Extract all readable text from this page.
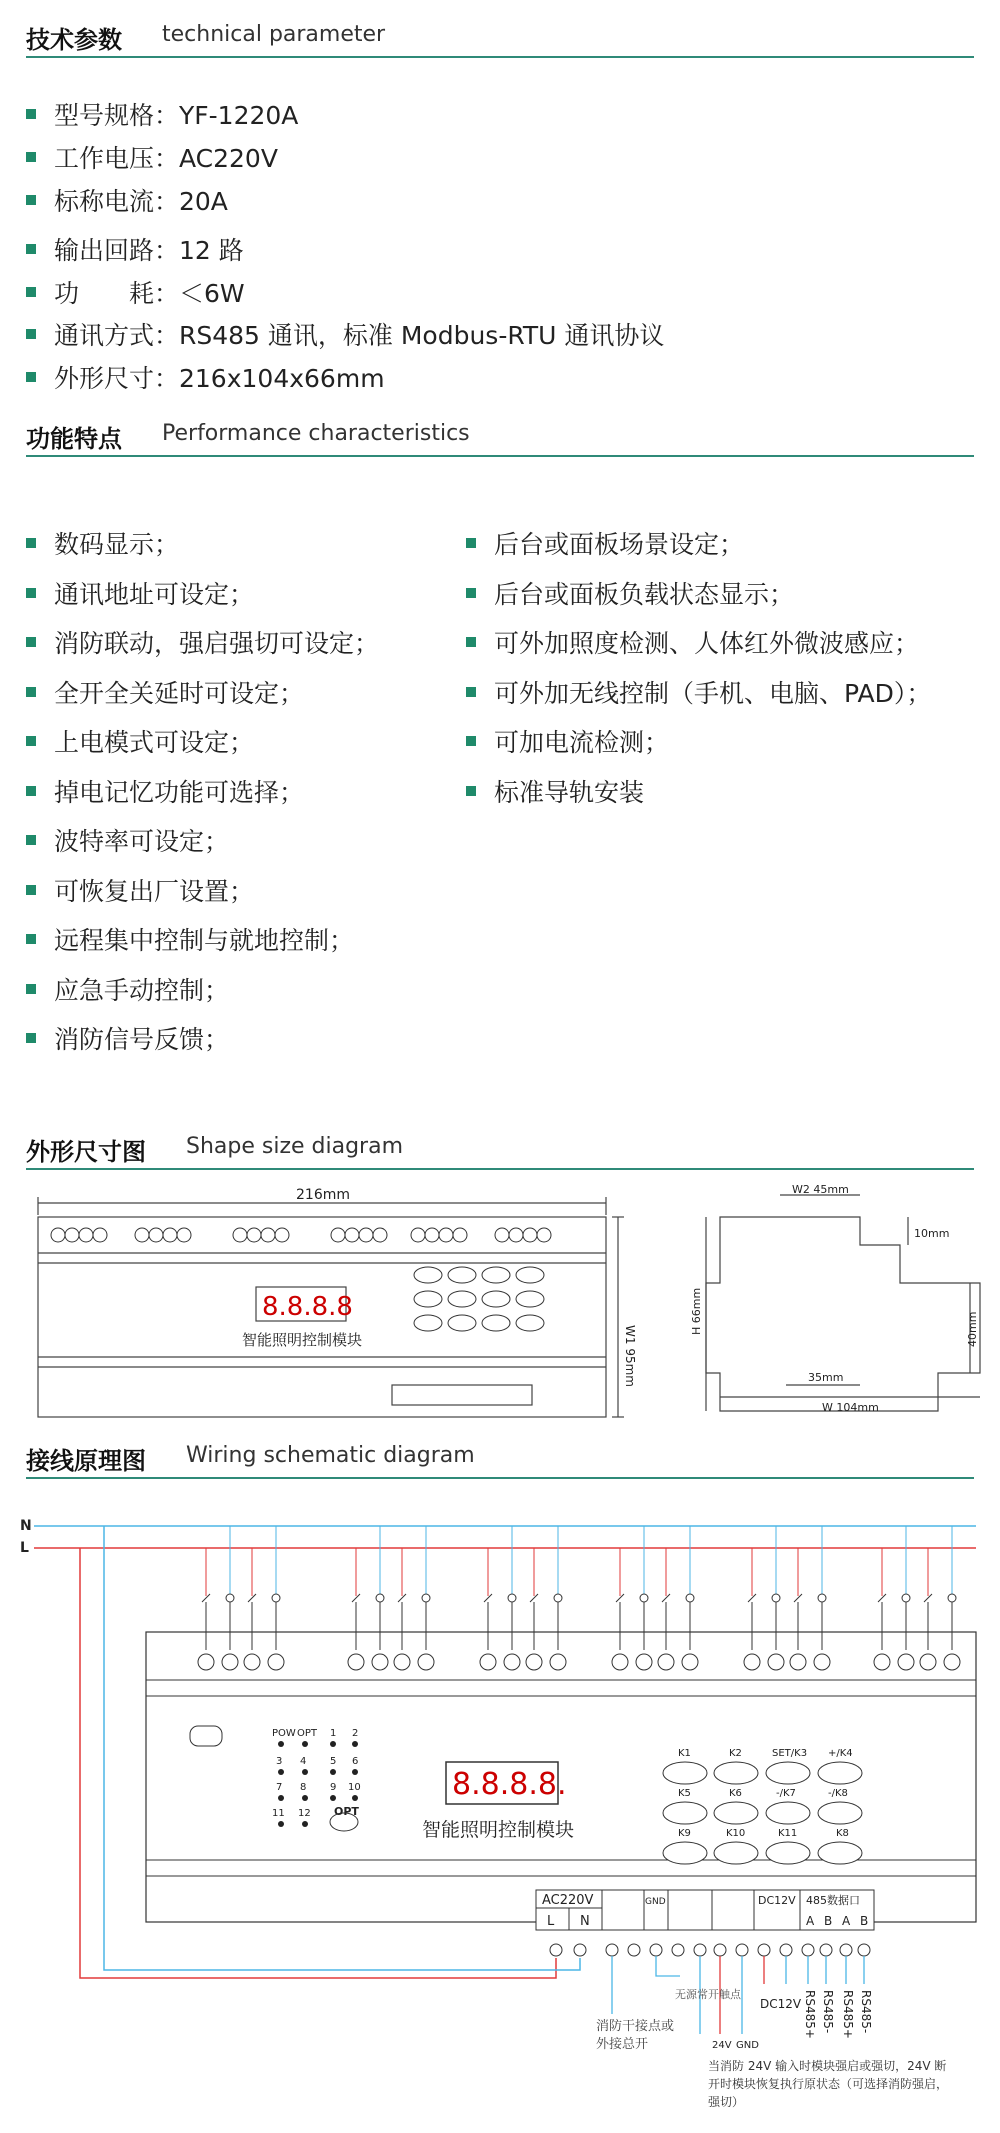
技术参数 technical parameter
型号规格：YF-1220A
工作电压：AC220V
标称电流：20A
输出回路：12 路
功　　耗：＜6W
通讯方式：RS485 通讯，标准 Modbus-RTU 通讯协议
外形尺寸：216x104x66mm
功能特点 Performance characteristics
数码显示；
通讯地址可设定；
消防联动，强启强切可设定；
全开全关延时可设定；
上电模式可设定；
掉电记忆功能可选择；
波特率可设定；
可恢复出厂设置；
远程集中控制与就地控制；
应急手动控制；
消防信号反馈；
后台或面板场景设定；
后台或面板负载状态显示；
可外加照度检测、人体红外微波感应；
可外加无线控制（手机、电脑、PAD）；
可加电流检测；
标准导轨安装
外形尺寸图 Shape size diagram
8.8.8.8
智能照明控制模块
216mm
W1 95mm
W2 45mm
10mm
H 66mm	40mm
35mm
W 104mm
接线原理图 Wiring schematic diagram
N
L
POW OPT 1 2
3 4 5 6
7 8 9 10
11 12 OPT
8.8.8.8.
智能照明控制模块
K1	K2	SET/K3 +/K4
K5	K6	-/K7	-/K8
K9	K10	K11	K8
AC220V
L N
GND	DC12V 485数据口
A B A B
无源常开触点
24V GND
DC12V RS485+ RS485- RS485+ RS485-
消防干接点或外接总开
当消防 24V 输入时模块强启或强切，24V 断开时模块恢复执行原状态（可选择消防强启，强切）
